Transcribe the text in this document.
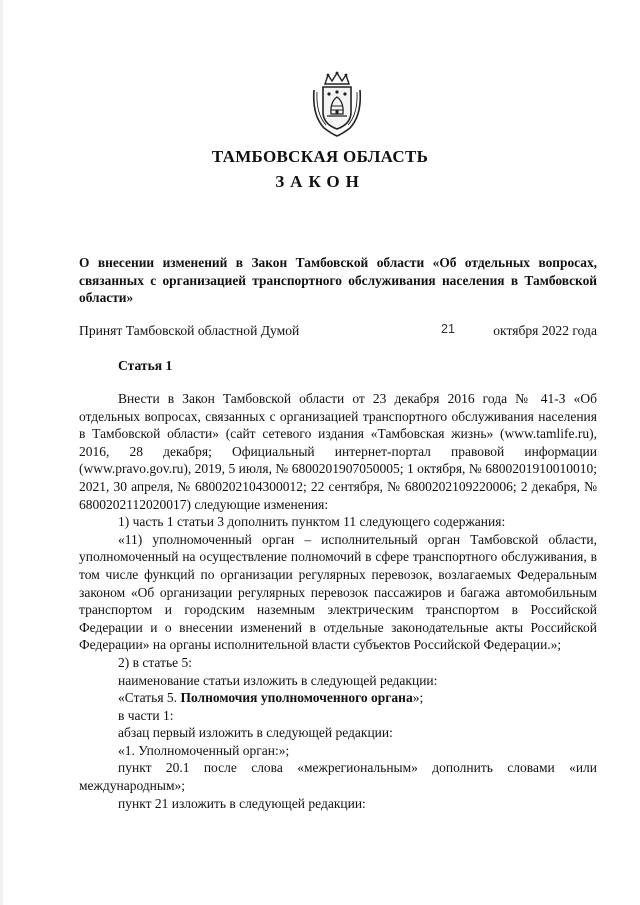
ТАМБОВСКАЯ ОБЛАСТЬ
ЗАКОН
О внесении изменений в Закон Тамбовской области «Об отдельных вопросах, связанных с организацией транспортного обслуживания населения в Тамбовской области»
Принят Тамбовской областной Думой	21	октября 2022 года
Статья 1

Внести в Закон Тамбовской области от 23 декабря 2016 года № 41-З «Об отдельных вопросах, связанных с организацией транспортного обслуживания населения в Тамбовской области» (сайт сетевого издания «Тамбовская жизнь» (www.tamlife.ru), 2016, 28 декабря; Официальный интернет-портал правовой информации (www.pravo.gov.ru), 2019, 5 июля, № 6800201907050005; 1 октября, № 6800201910010010; 2021, 30 апреля, № 6800202104300012; 22 сентября, № 6800202109220006; 2 декабря, № 6800202112020017) следующие изменения:

1) часть 1 статьи 3 дополнить пунктом 11 следующего содержания:

«11) уполномоченный орган – исполнительный орган Тамбовской области, уполномоченный на осуществление полномочий в сфере транспортного обслуживания, в том числе функций по организации регулярных перевозок, возлагаемых Федеральным законом «Об организации регулярных перевозок пассажиров и багажа автомобильным транспортом и городским наземным электрическим транспортом в Российской Федерации и о внесении изменений в отдельные законодательные акты Российской Федерации» на органы исполнительной власти субъектов Российской Федерации.»;

2) в статье 5:

наименование статьи изложить в следующей редакции:

«Статья 5. Полномочия уполномоченного органа»;

в части 1:

абзац первый изложить в следующей редакции:

«1. Уполномоченный орган:»;

пункт 20.1 после слова «межрегиональным» дополнить словами «или международным»;

пункт 21 изложить в следующей редакции:
